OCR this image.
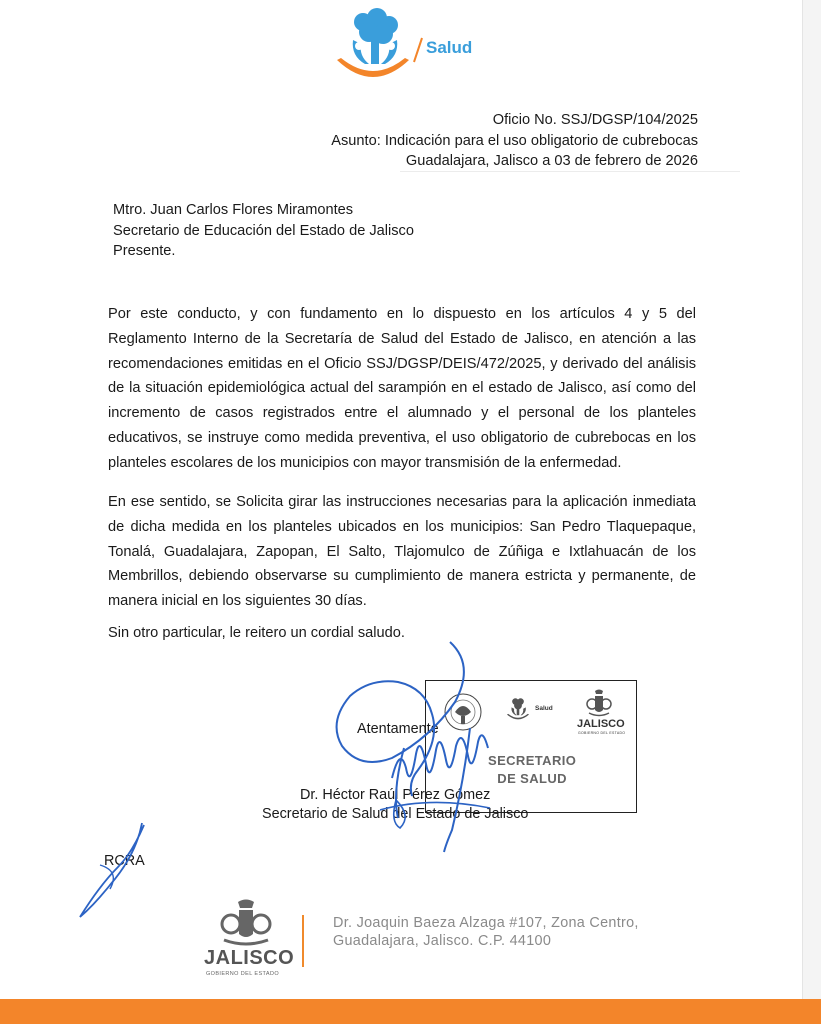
Salud
Oficio No. SSJ/DGSP/104/2025
Asunto: Indicación para el uso obligatorio de cubrebocas
Guadalajara, Jalisco a 03 de febrero de 2026
Mtro. Juan Carlos Flores Miramontes
Secretario de Educación del Estado de Jalisco
Presente.

Por este conducto, y con fundamento en lo dispuesto en los artículos 4 y 5 del Reglamento Interno de la Secretaría de Salud del Estado de Jalisco, en atención a las recomendaciones emitidas en el Oficio SSJ/DGSP/DEIS/472/2025, y derivado del análisis de la situación epidemiológica actual del sarampión en el estado de Jalisco, así como del incremento de casos registrados entre el alumnado y el personal de los planteles educativos, se instruye como medida preventiva, el uso obligatorio de cubrebocas en los planteles escolares de los municipios con mayor transmisión de la enfermedad.

En ese sentido, se Solicita girar las instrucciones necesarias para la aplicación inmediata de dicha medida en los planteles ubicados en los municipios: San Pedro Tlaquepaque, Tonalá, Guadalajara, Zapopan, El Salto, Tlajomulco de Zúñiga e Ixtlahuacán de los Membrillos, debiendo observarse su cumplimiento de manera estricta y permanente, de manera inicial en los siguientes 30 días.

Sin otro particular, le reitero un cordial saludo.

Salud
JALISCO
GOBIERNO DEL ESTADO
SECRETARIO
DE SALUD
Atentamente
Dr. Héctor Raúl Pérez Gómez
Secretario de Salud del Estado de Jalisco
RCRA
JALISCO
GOBIERNO DEL ESTADO
Dr. Joaquin Baeza Alzaga #107, Zona Centro,
Guadalajara, Jalisco. C.P. 44100
